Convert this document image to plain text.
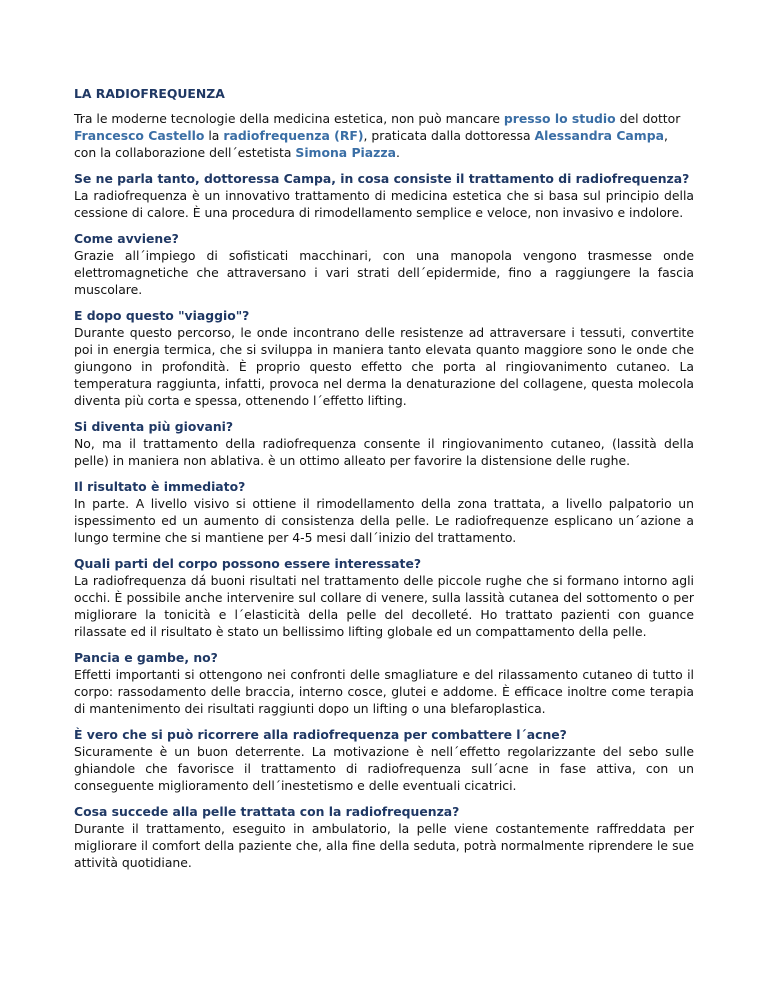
LA RADIOFREQUENZA

Tra le moderne tecnologie della medicina estetica, non può mancare presso lo studio del dottor Francesco Castello la radiofrequenza (RF), praticata dalla dottoressa Alessandra Campa, con la collaborazione dell´estetista Simona Piazza.

Se ne parla tanto, dottoressa Campa, in cosa consiste il trattamento di radiofrequenza?

La radiofrequenza è un innovativo trattamento di medicina estetica che si basa sul principio della cessione di calore. È una procedura di rimodellamento semplice e veloce, non invasivo e indolore.

Come avviene?

Grazie all´impiego di sofisticati macchinari, con una manopola vengono trasmesse onde elettromagnetiche che attraversano i vari strati dell´epidermide, fino a raggiungere la fascia muscolare.

E dopo questo "viaggio"?

Durante questo percorso, le onde incontrano delle resistenze ad attraversare i tessuti, convertite poi in energia termica, che si sviluppa in maniera tanto elevata quanto maggiore sono le onde che giungono in profondità. È proprio questo effetto che porta al ringiovanimento cutaneo. La temperatura raggiunta, infatti, provoca nel derma la denaturazione del collagene, questa molecola diventa più corta e spessa, ottenendo l´effetto lifting.

Si diventa più giovani?

No, ma il trattamento della radiofrequenza consente il ringiovanimento cutaneo, (lassità della pelle) in maniera non ablativa. è un ottimo alleato per favorire la distensione delle rughe.

Il risultato è immediato?

In parte. A livello visivo si ottiene il rimodellamento della zona trattata, a livello palpatorio un ispessimento ed un aumento di consistenza della pelle. Le radiofrequenze esplicano un´azione a lungo termine che si mantiene per 4-5 mesi dall´inizio del trattamento.

Quali parti del corpo possono essere interessate?

La radiofrequenza dá buoni risultati nel trattamento delle piccole rughe che si formano intorno agli occhi. È possibile anche intervenire sul collare di venere, sulla lassità cutanea del sottomento o per migliorare la tonicità e l´elasticità della pelle del decolleté. Ho trattato pazienti con guance rilassate ed il risultato è stato un bellissimo lifting globale ed un compattamento della pelle.

Pancia e gambe, no?

Effetti importanti si ottengono nei confronti delle smagliature e del rilassamento cutaneo di tutto il corpo: rassodamento delle braccia, interno cosce, glutei e addome. È efficace inoltre come terapia di mantenimento dei risultati raggiunti dopo un lifting o una blefaroplastica.

È vero che si può ricorrere alla radiofrequenza per combattere l´acne?

Sicuramente è un buon deterrente. La motivazione è nell´effetto regolarizzante del sebo sulle ghiandole che favorisce il trattamento di radiofrequenza sull´acne in fase attiva, con un conseguente miglioramento dell´inestetismo e delle eventuali cicatrici.

Cosa succede alla pelle trattata con la radiofrequenza?

Durante il trattamento, eseguito in ambulatorio, la pelle viene costantemente raffreddata per migliorare il comfort della paziente che, alla fine della seduta, potrà normalmente riprendere le sue attività quotidiane.
